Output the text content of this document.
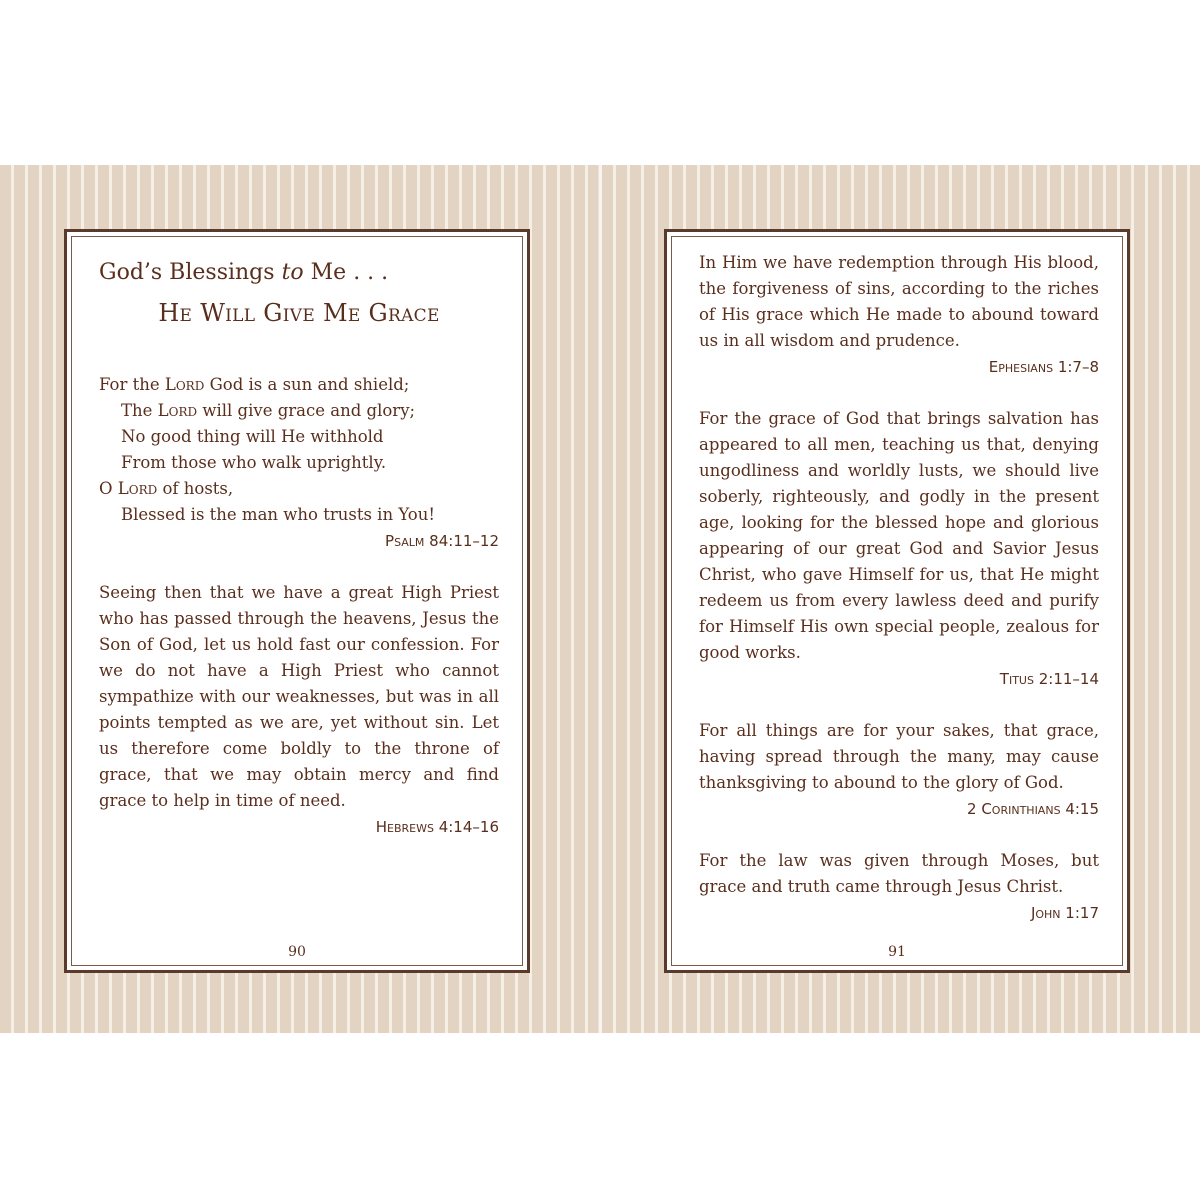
God’s Blessings to Me . . .
He Will Give Me Grace

For the Lord God is a sun and shield;

The Lord will give grace and glory;

No good thing will He withhold

From those who walk uprightly.

O Lord of hosts,

Blessed is the man who trusts in You!

Psalm 84:11–12

Seeing then that we have a great High Priest who has passed through the heavens, Jesus the Son of God, let us hold fast our confession. For we do not have a High Priest who cannot sympathize with our weaknesses, but was in all points tempted as we are, yet without sin. Let us therefore come boldly to the throne of grace, that we may obtain mercy and find grace to help in time of need.

Hebrews 4:14–16
90

In Him we have redemption through His blood, the forgiveness of sins, according to the riches of His grace which He made to abound toward us in all wisdom and prudence.

Ephesians 1:7–8

For the grace of God that brings salvation has appeared to all men, teaching us that, denying ungodliness and worldly lusts, we should live soberly, righteously, and godly in the present age, looking for the blessed hope and glorious appearing of our great God and Savior Jesus Christ, who gave Himself for us, that He might redeem us from every lawless deed and purify for Himself His own special people, zealous for good works.

Titus 2:11–14

For all things are for your sakes, that grace, having spread through the many, may cause thanksgiving to abound to the glory of God.

2 Corinthians 4:15

For the law was given through Moses, but grace and truth came through Jesus Christ.

John 1:17
91
